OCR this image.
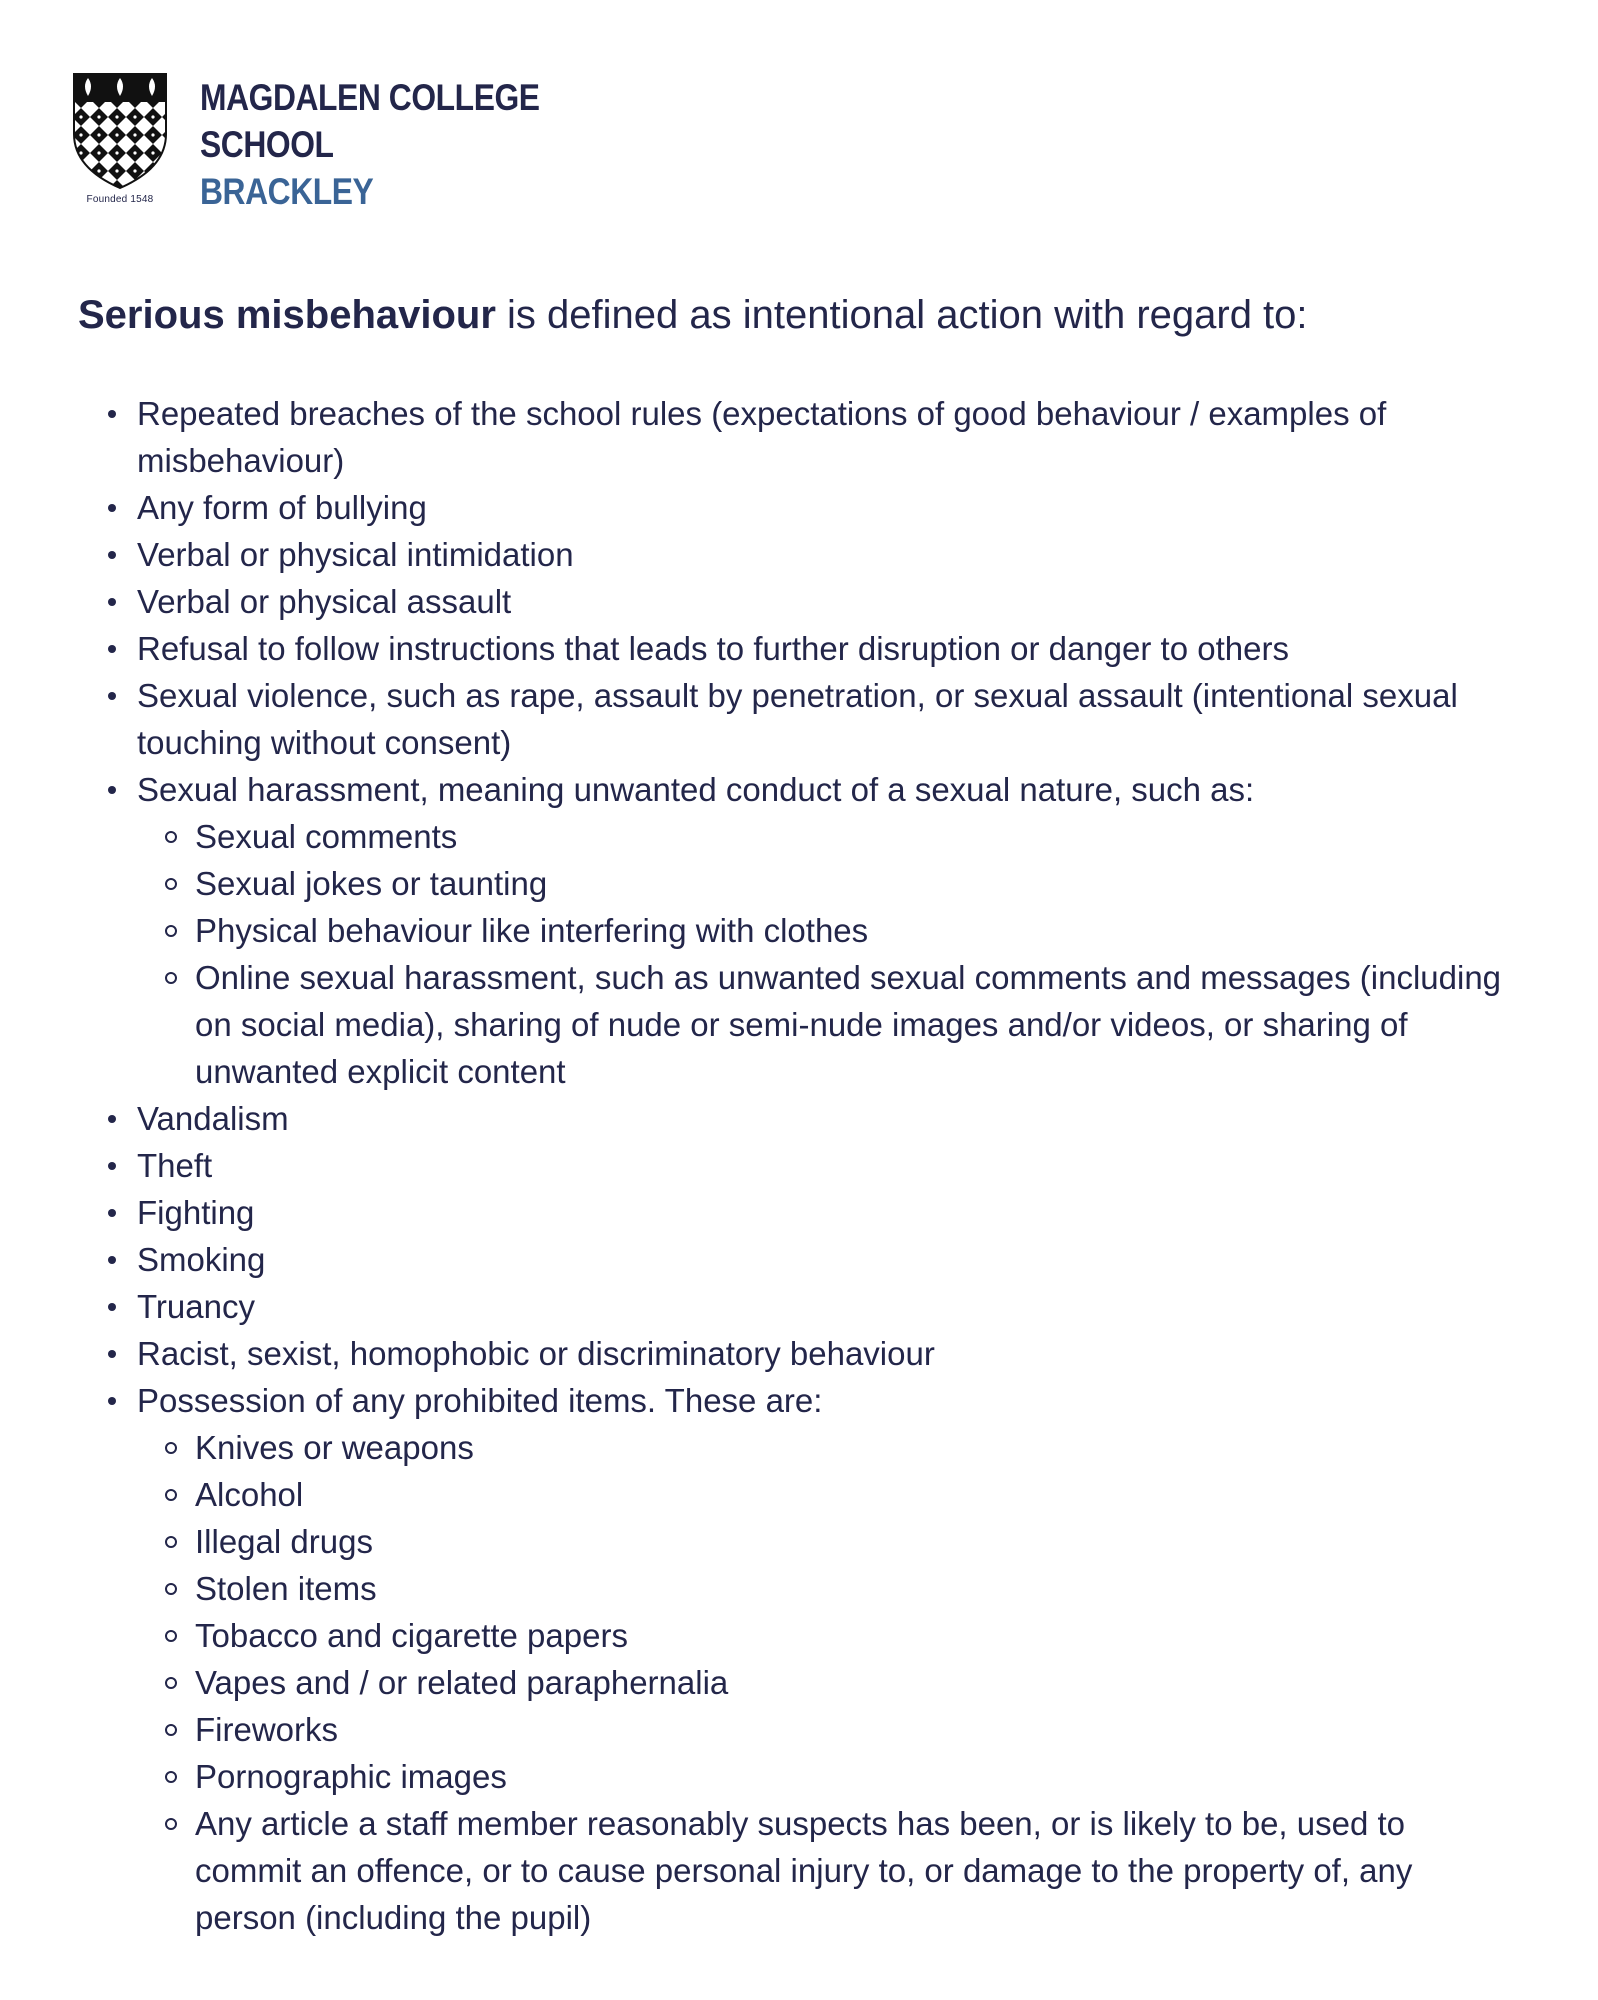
Founded 1548
MAGDALEN COLLEGE
SCHOOL
BRACKLEY
Serious misbehaviour is defined as intentional action with regard to:
Repeated breaches of the school rules (expectations of good behaviour / examples of misbehaviour)
Any form of bullying
Verbal or physical intimidation
Verbal or physical assault
Refusal to follow instructions that leads to further disruption or danger to others
Sexual violence, such as rape, assault by penetration, or sexual assault (intentional sexual touching without consent)
Sexual harassment, meaning unwanted conduct of a sexual nature, such as:
Sexual comments
Sexual jokes or taunting
Physical behaviour like interfering with clothes
Online sexual harassment, such as unwanted sexual comments and messages (including on social media), sharing of nude or semi-nude images and/or videos, or sharing of unwanted explicit content
Vandalism
Theft
Fighting
Smoking
Truancy
Racist, sexist, homophobic or discriminatory behaviour
Possession of any prohibited items. These are:
Knives or weapons
Alcohol
Illegal drugs
Stolen items
Tobacco and cigarette papers
Vapes and / or related paraphernalia
Fireworks
Pornographic images
Any article a staff member reasonably suspects has been, or is likely to be, used to commit an offence, or to cause personal injury to, or damage to the property of, any person (including the pupil)
